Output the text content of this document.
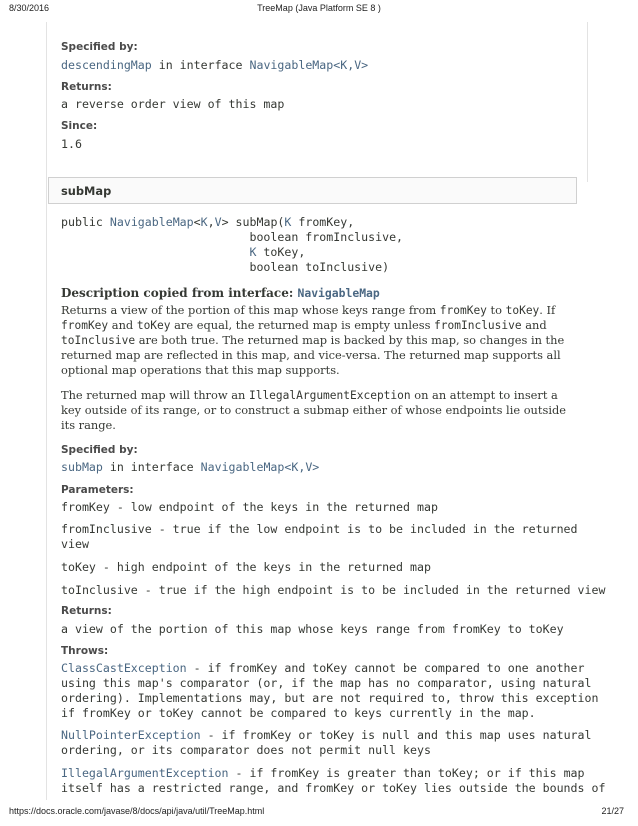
8/30/2016	TreeMap (Java Platform SE 8 )
Specified by:
descendingMap in interface NavigableMap<K,V>
Returns:
a reverse order view of this map
Since:
1.6
subMap
public NavigableMap<K,V> subMap(K fromKey,
boolean fromInclusive,
K toKey,
boolean toInclusive)
Description copied from interface: NavigableMap
Returns a view of the portion of this map whose keys range from fromKey to toKey. If fromKey and toKey are equal, the returned map is empty unless fromInclusive and toInclusive are both true. The returned map is backed by this map, so changes in the returned map are reflected in this map, and vice-versa. The returned map supports all optional map operations that this map supports.
The returned map will throw an IllegalArgumentException on an attempt to insert a key outside of its range, or to construct a submap either of whose endpoints lie outside its range.
Specified by:
subMap in interface NavigableMap<K,V>
Parameters:
fromKey - low endpoint of the keys in the returned map
fromInclusive - true if the low endpoint is to be included in the returned
view
toKey - high endpoint of the keys in the returned map
toInclusive - true if the high endpoint is to be included in the returned view
Returns:
a view of the portion of this map whose keys range from fromKey to toKey
Throws:
ClassCastException - if fromKey and toKey cannot be compared to one another
using this map's comparator (or, if the map has no comparator, using natural
ordering). Implementations may, but are not required to, throw this exception
if fromKey or toKey cannot be compared to keys currently in the map.
NullPointerException - if fromKey or toKey is null and this map uses natural
ordering, or its comparator does not permit null keys
IllegalArgumentException - if fromKey is greater than toKey; or if this map
itself has a restricted range, and fromKey or toKey lies outside the bounds of
https://docs.oracle.com/javase/8/docs/api/java/util/TreeMap.html	21/27
